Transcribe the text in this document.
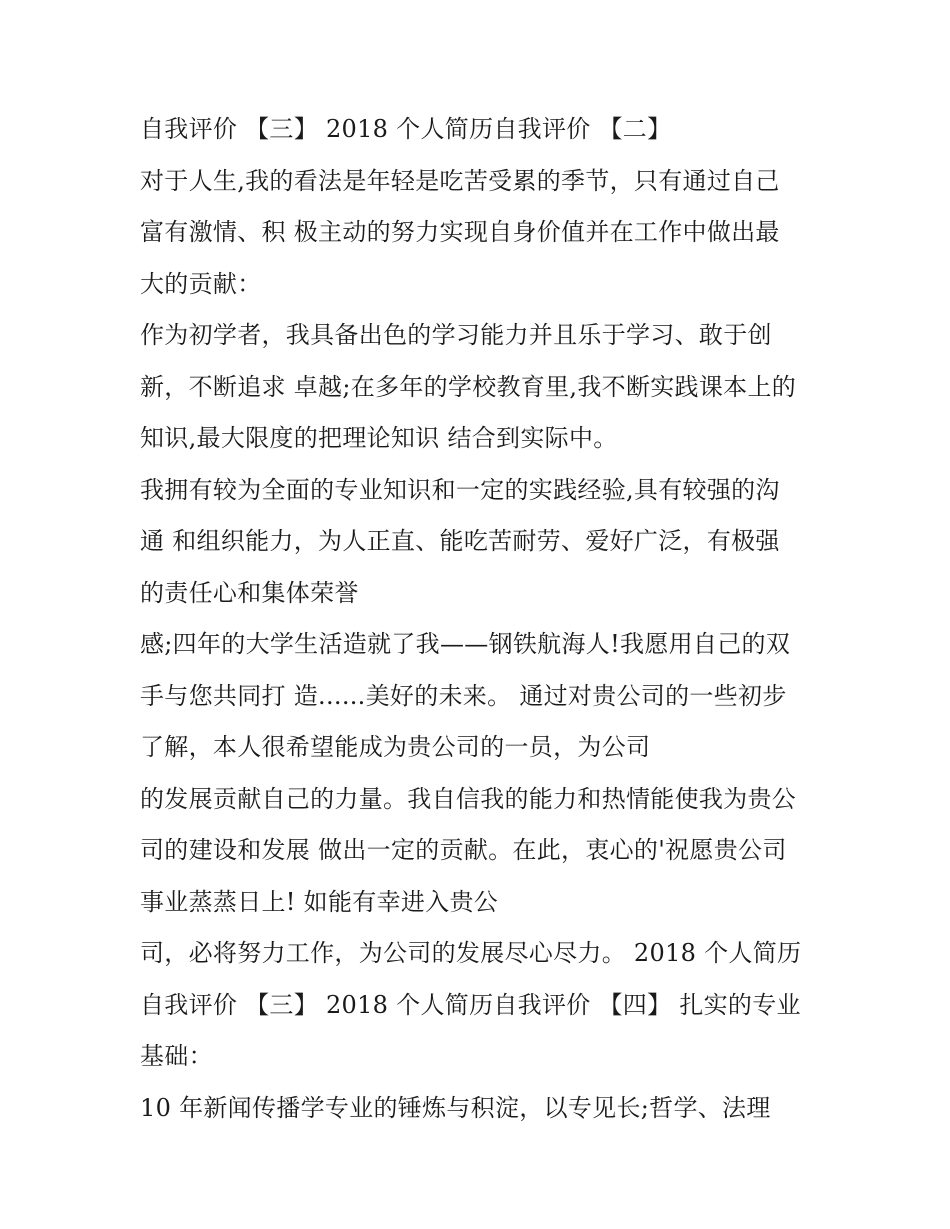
自我评价 【三】 2018 个人简历自我评价 【二】
对于人生,我的看法是年轻是吃苦受累的季节，只有通过自己
富有激情、积 极主动的努力实现自身价值并在工作中做出最
大的贡献：
作为初学者，我具备出色的学习能力并且乐于学习、敢于创
新，不断追求 卓越;在多年的学校教育里,我不断实践课本上的
知识,最大限度的把理论知识 结合到实际中。
我拥有较为全面的专业知识和一定的实践经验,具有较强的沟
通 和组织能力，为人正直、能吃苦耐劳、爱好广泛，有极强
的责任心和集体荣誉
感;四年的大学生活造就了我——钢铁航海人!我愿用自己的双
手与您共同打 造......美好的未来。 通过对贵公司的一些初步
了解，本人很希望能成为贵公司的一员，为公司
的发展贡献自己的力量。我自信我的能力和热情能使我为贵公
司的建设和发展 做出一定的贡献。在此，衷心的'祝愿贵公司
事业蒸蒸日上! 如能有幸进入贵公
司，必将努力工作，为公司的发展尽心尽力。 2018 个人简历
自我评价 【三】 2018 个人简历自我评价 【四】 扎实的专业
基础：
10 年新闻传播学专业的锤炼与积淀，以专见长;哲学、法理
